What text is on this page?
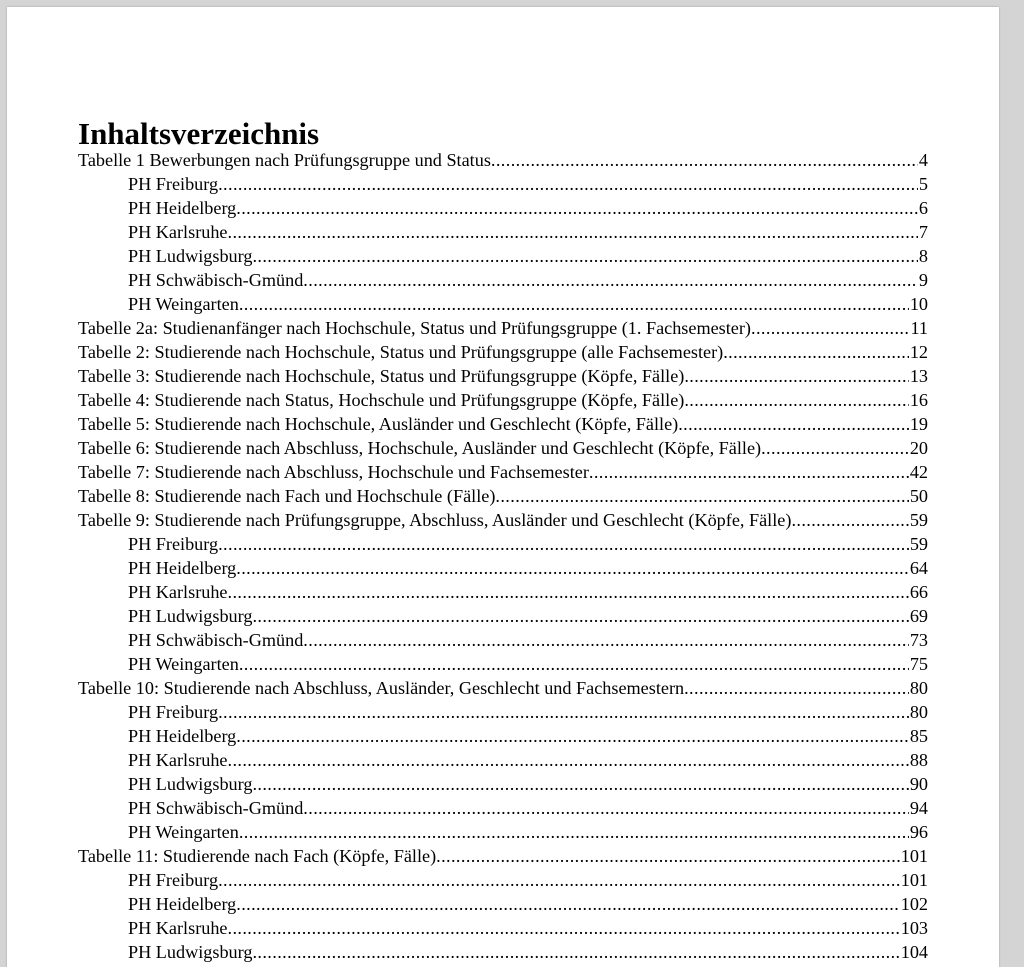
Inhaltsverzeichnis
Tabelle 1 Bewerbungen nach Prüfungsgruppe und Status .....	4
PH Freiburg .....	5
PH Heidelberg .....	6
PH Karlsruhe .....	7
PH Ludwigsburg .....	8
PH Schwäbisch-Gmünd .....	9
PH Weingarten .....	10
Tabelle 2a: Studienanfänger nach Hochschule, Status und Prüfungsgruppe (1. Fachsemester) .....	11
Tabelle 2: Studierende nach Hochschule, Status und Prüfungsgruppe (alle Fachsemester) .....	12
Tabelle 3: Studierende nach Hochschule, Status und Prüfungsgruppe (Köpfe, Fälle) .....	13
Tabelle 4: Studierende nach Status, Hochschule und Prüfungsgruppe (Köpfe, Fälle) .....	16
Tabelle 5: Studierende nach Hochschule, Ausländer und Geschlecht (Köpfe, Fälle) .....	19
Tabelle 6: Studierende nach Abschluss, Hochschule, Ausländer und Geschlecht (Köpfe, Fälle) .....	20
Tabelle 7: Studierende nach Abschluss, Hochschule und Fachsemester .....	42
Tabelle 8: Studierende nach Fach und Hochschule (Fälle) .....	50
Tabelle 9: Studierende nach Prüfungsgruppe, Abschluss, Ausländer und Geschlecht (Köpfe, Fälle) .....	59
PH Freiburg .....	59
PH Heidelberg .....	64
PH Karlsruhe .....	66
PH Ludwigsburg .....	69
PH Schwäbisch-Gmünd .....	73
PH Weingarten .....	75
Tabelle 10: Studierende nach Abschluss, Ausländer, Geschlecht und Fachsemestern .....	80
PH Freiburg .....	80
PH Heidelberg .....	85
PH Karlsruhe .....	88
PH Ludwigsburg .....	90
PH Schwäbisch-Gmünd .....	94
PH Weingarten .....	96
Tabelle 11: Studierende nach Fach (Köpfe, Fälle) .....	101
PH Freiburg .....	101
PH Heidelberg .....	102
PH Karlsruhe .....	103
PH Ludwigsburg .....	104
